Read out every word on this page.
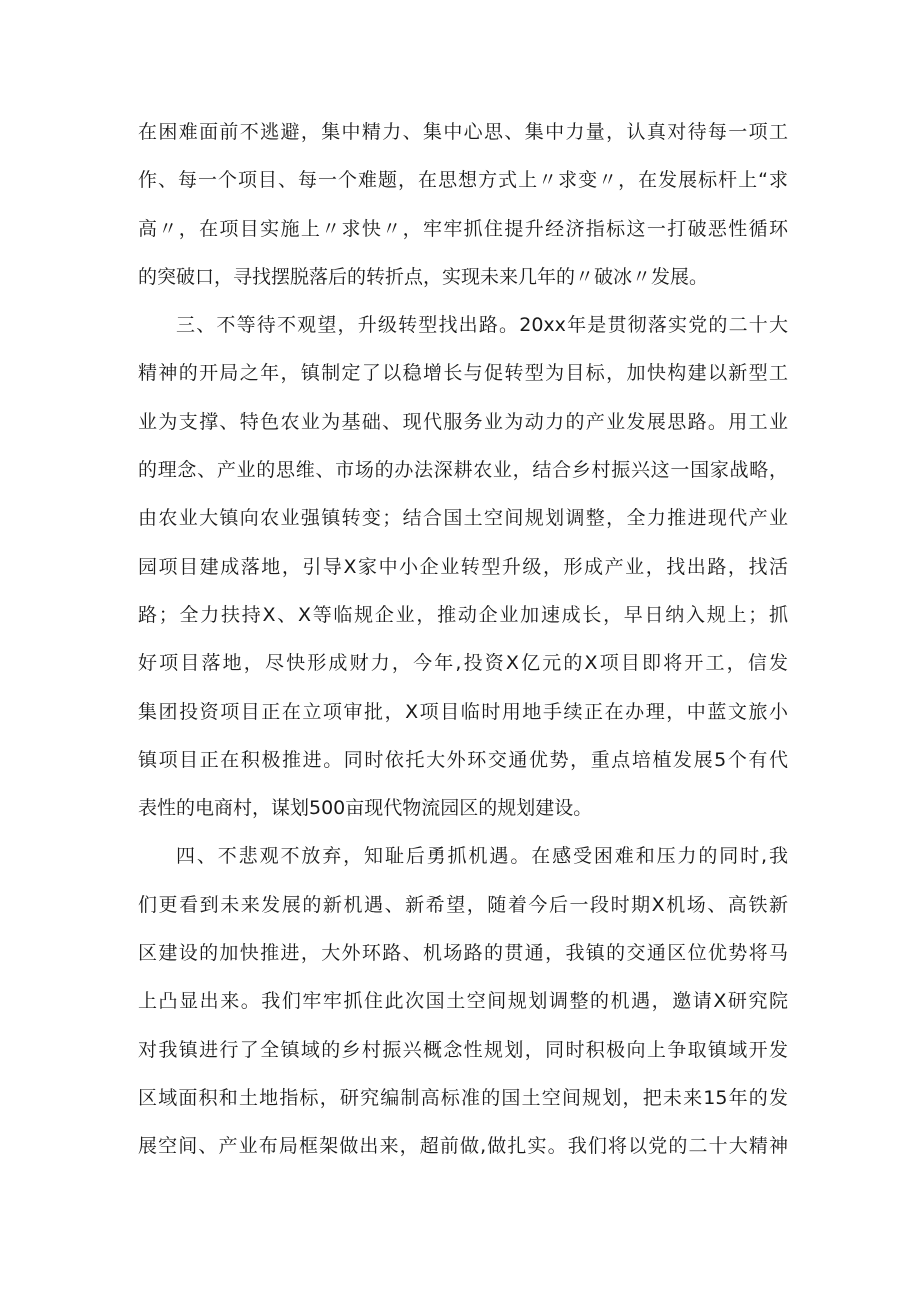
在困难面前不逃避，集中精力、集中心思、集中力量，认真对待每一项工
作、每一个项目、每一个难题，在思想方式上〃求变〃，在发展标杆上“求
高〃，在项目实施上〃求快〃，牢牢抓住提升经济指标这一打破恶性循环
的突破口，寻找摆脱落后的转折点，实现未来几年的〃破冰〃发展。
三、不等待不观望，升级转型找出路。20xx年是贯彻落实党的二十大
精神的开局之年，镇制定了以稳增长与促转型为目标，加快构建以新型工
业为支撑、特色农业为基础、现代服务业为动力的产业发展思路。用工业
的理念、产业的思维、市场的办法深耕农业，结合乡村振兴这一国家战略，
由农业大镇向农业强镇转变；结合国土空间规划调整，全力推进现代产业
园项目建成落地，引导X家中小企业转型升级，形成产业，找出路，找活
路；全力扶持X、X等临规企业，推动企业加速成长，早日纳入规上；抓
好项目落地，尽快形成财力，今年,投资X亿元的X项目即将开工，信发
集团投资项目正在立项审批，X项目临时用地手续正在办理，中蓝文旅小
镇项目正在积极推进。同时依托大外环交通优势，重点培植发展5个有代
表性的电商村，谋划500亩现代物流园区的规划建设。
四、不悲观不放弃，知耻后勇抓机遇。在感受困难和压力的同时,我
们更看到未来发展的新机遇、新希望，随着今后一段时期X机场、高铁新
区建设的加快推进，大外环路、机场路的贯通，我镇的交通区位优势将马
上凸显出来。我们牢牢抓住此次国土空间规划调整的机遇，邀请X研究院
对我镇进行了全镇域的乡村振兴概念性规划，同时积极向上争取镇域开发
区域面积和土地指标，研究编制高标准的国土空间规划，把未来15年的发
展空间、产业布局框架做出来，超前做,做扎实。我们将以党的二十大精神
